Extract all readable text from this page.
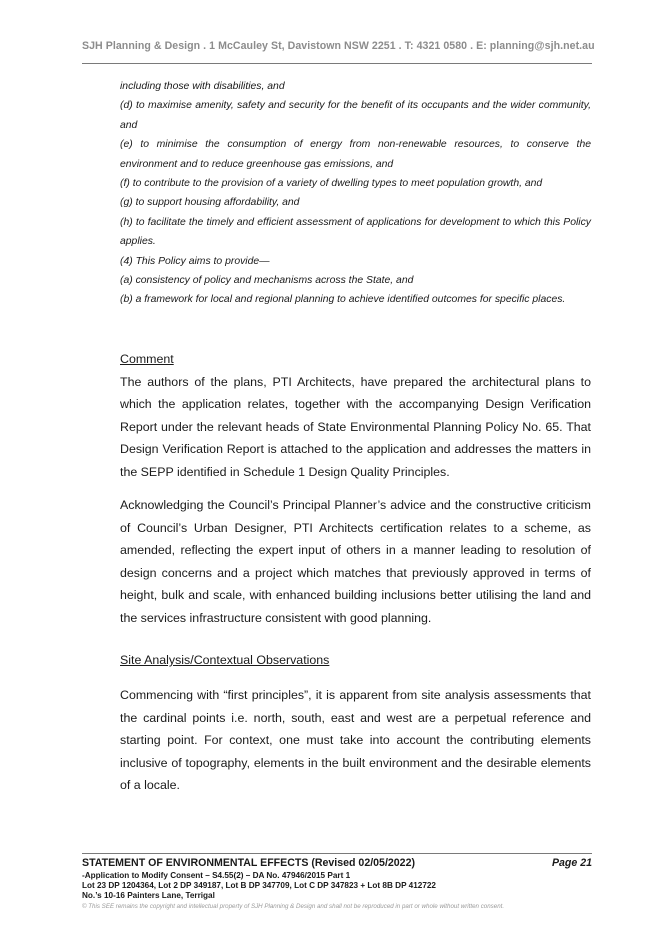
SJH Planning & Design . 1 McCauley St, Davistown NSW 2251 . T: 4321 0580 . E: planning@sjh.net.au

including those with disabilities, and

(d) to maximise amenity, safety and security for the benefit of its occupants and the wider community, and

(e) to minimise the consumption of energy from non-renewable resources, to conserve the environment and to reduce greenhouse gas emissions, and

(f) to contribute to the provision of a variety of dwelling types to meet population growth, and

(g) to support housing affordability, and

(h) to facilitate the timely and efficient assessment of applications for development to which this Policy applies.

(4) This Policy aims to provide—

(a) consistency of policy and mechanisms across the State, and

(b) a framework for local and regional planning to achieve identified outcomes for specific places.

Comment

The authors of the plans, PTI Architects, have prepared the architectural plans to which the application relates, together with the accompanying Design Verification Report under the relevant heads of State Environmental Planning Policy No. 65. That Design Verification Report is attached to the application and addresses the matters in the SEPP identified in Schedule 1 Design Quality Principles.

Acknowledging the Council’s Principal Planner’s advice and the constructive criticism of Council’s Urban Designer, PTI Architects certification relates to a scheme, as amended, reflecting the expert input of others in a manner leading to resolution of design concerns and a project which matches that previously approved in terms of height, bulk and scale, with enhanced building inclusions better utilising the land and the services infrastructure consistent with good planning.

Site Analysis/Contextual Observations

Commencing with “first principles”, it is apparent from site analysis assessments that the cardinal points i.e. north, south, east and west are a perpetual reference and starting point. For context, one must take into account the contributing elements inclusive of topography, elements in the built environment and the desirable elements of a locale.

STATEMENT OF ENVIRONMENTAL EFFECTS (Revised 02/05/2022)	Page 21
-Application to Modify Consent – S4.55(2) – DA No. 47946/2015 Part 1
Lot 23 DP 1204364, Lot 2 DP 349187, Lot B DP 347709, Lot C DP 347823 + Lot 8B DP 412722
No.’s 10-16 Painters Lane, Terrigal
© This SEE remains the copyright and intellectual property of SJH Planning & Design and shall not be reproduced in part or whole without written consent.
